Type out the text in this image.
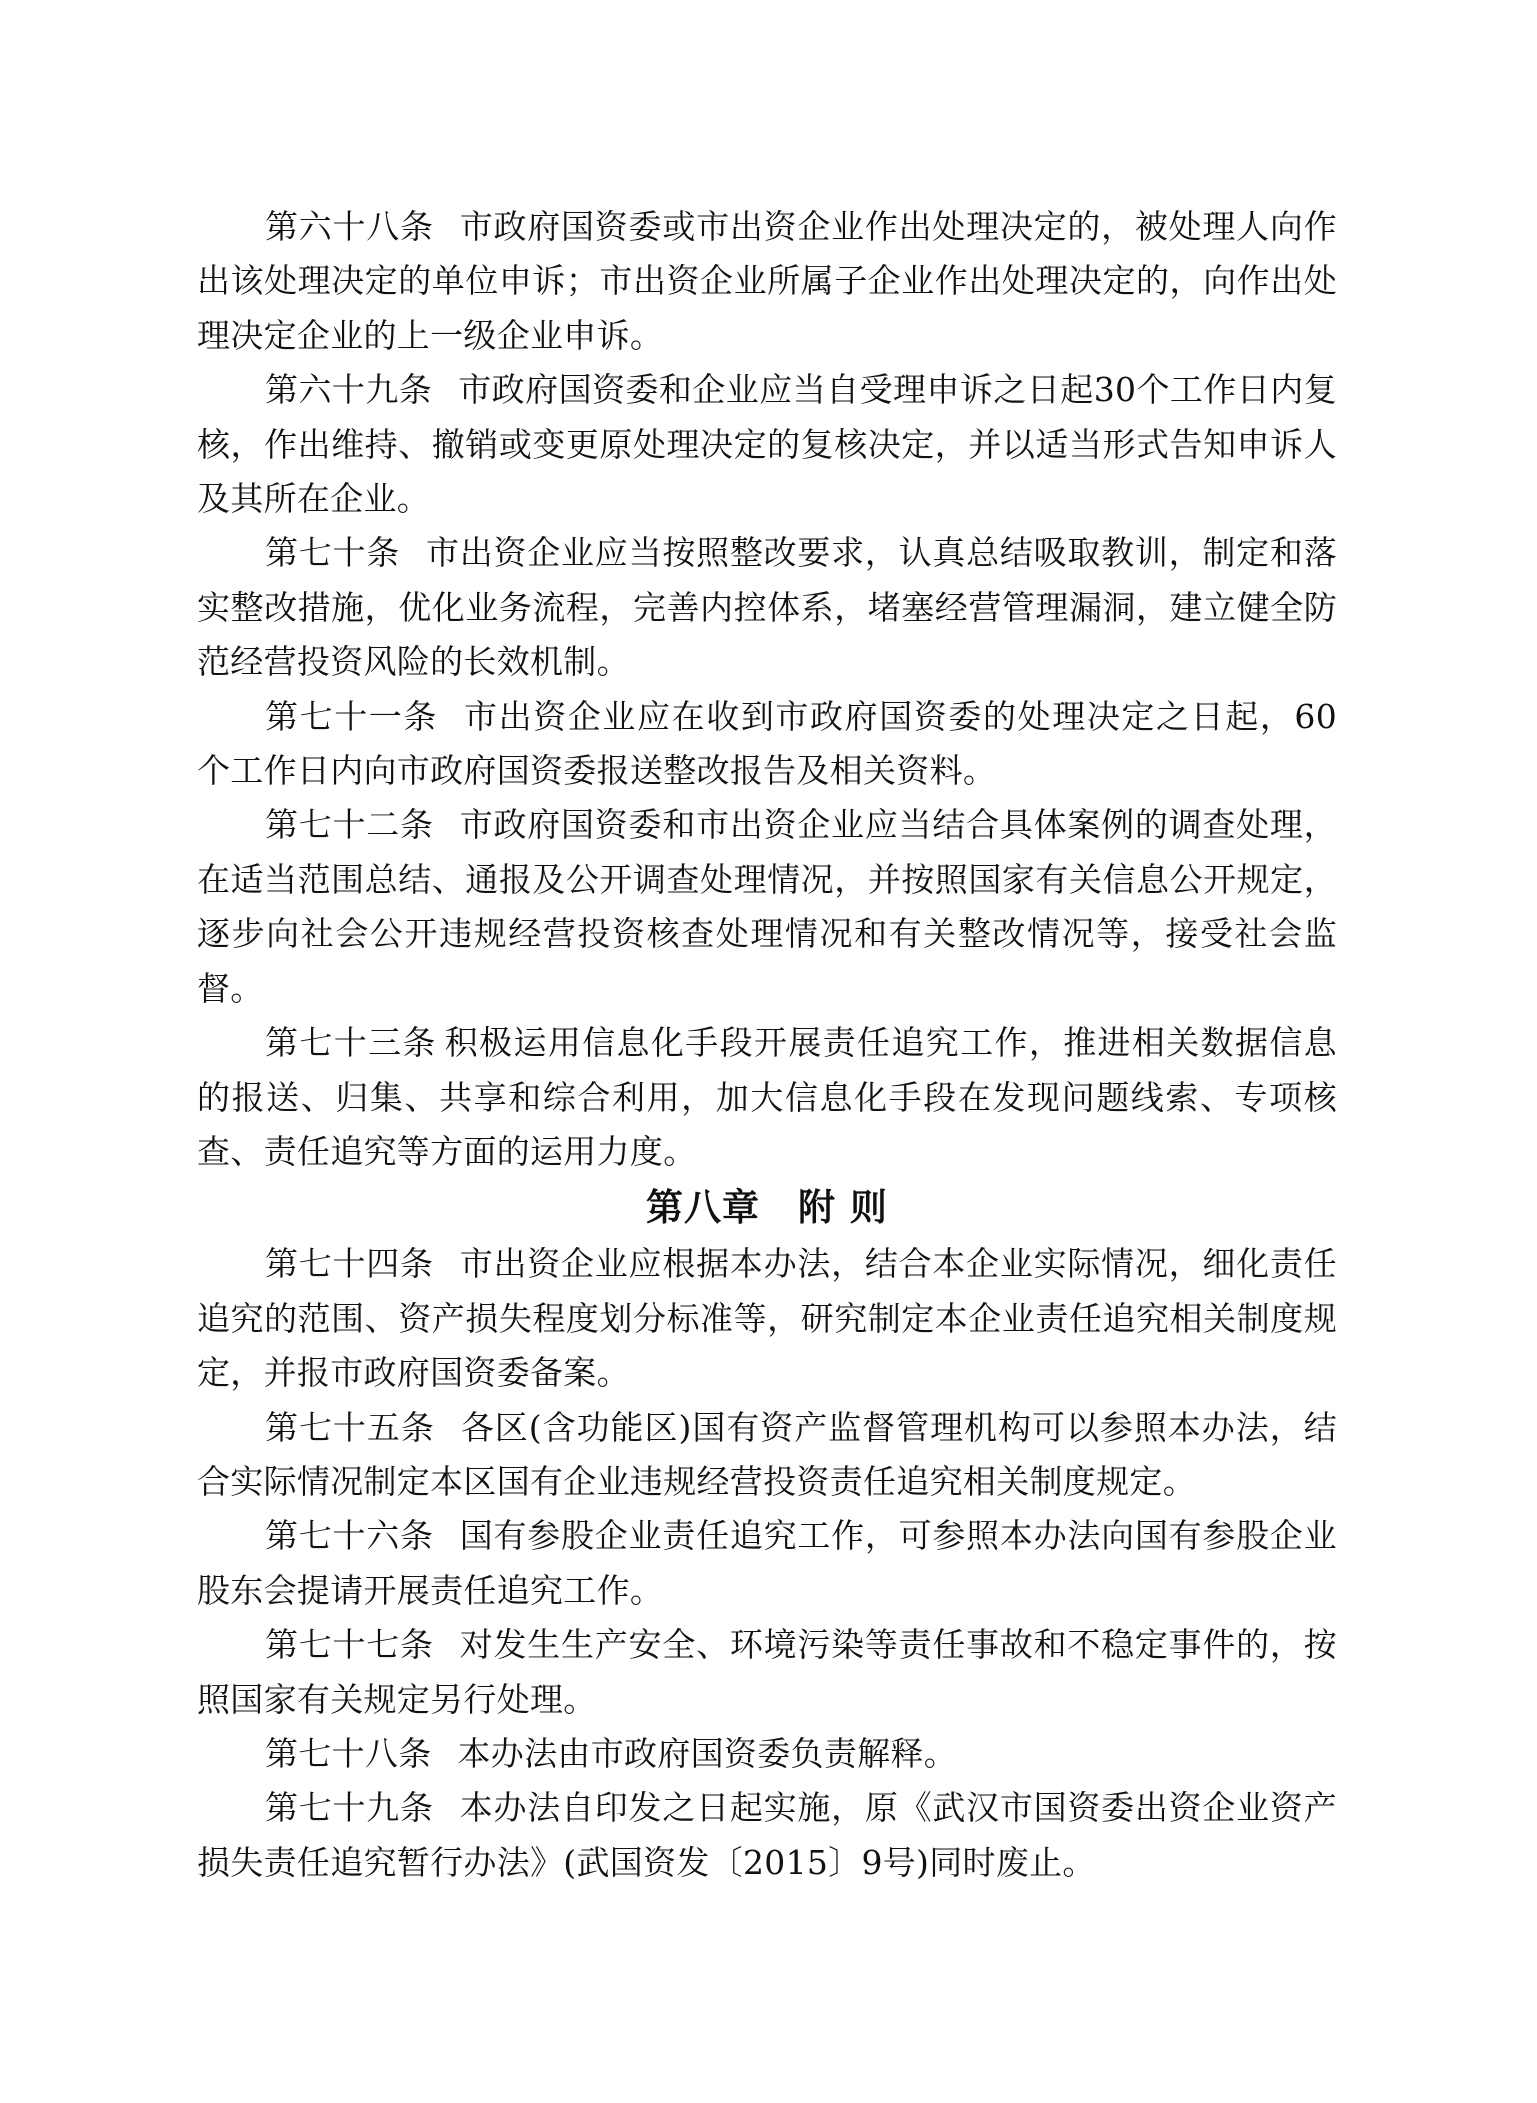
第六十八条 市政府国资委或市出资企业作出处理决定的，被处理人向作出该处理决定的单位申诉；市出资企业所属子企业作出处理决定的，向作出处理决定企业的上一级企业申诉。

第六十九条 市政府国资委和企业应当自受理申诉之日起30个工作日内复核，作出维持、撤销或变更原处理决定的复核决定，并以适当形式告知申诉人及其所在企业。

第七十条 市出资企业应当按照整改要求，认真总结吸取教训，制定和落实整改措施，优化业务流程，完善内控体系，堵塞经营管理漏洞，建立健全防范经营投资风险的长效机制。

第七十一条 市出资企业应在收到市政府国资委的处理决定之日起，60 个工作日内向市政府国资委报送整改报告及相关资料。

第七十二条 市政府国资委和市出资企业应当结合具体案例的调查处理，在适当范围总结、通报及公开调查处理情况，并按照国家有关信息公开规定，逐步向社会公开违规经营投资核查处理情况和有关整改情况等，接受社会监督。

第七十三条 积极运用信息化手段开展责任追究工作，推进相关数据信息的报送、归集、共享和综合利用，加大信息化手段在发现问题线索、专项核查、责任追究等方面的运用力度。

第八章　附 则

第七十四条 市出资企业应根据本办法，结合本企业实际情况，细化责任追究的范围、资产损失程度划分标准等，研究制定本企业责任追究相关制度规定，并报市政府国资委备案。

第七十五条 各区(含功能区)国有资产监督管理机构可以参照本办法，结合实际情况制定本区国有企业违规经营投资责任追究相关制度规定。

第七十六条 国有参股企业责任追究工作，可参照本办法向国有参股企业股东会提请开展责任追究工作。

第七十七条 对发生生产安全、环境污染等责任事故和不稳定事件的，按照国家有关规定另行处理。

第七十八条 本办法由市政府国资委负责解释。

第七十九条 本办法自印发之日起实施，原《武汉市国资委出资企业资产损失责任追究暂行办法》(武国资发〔2015〕9号)同时废止。
